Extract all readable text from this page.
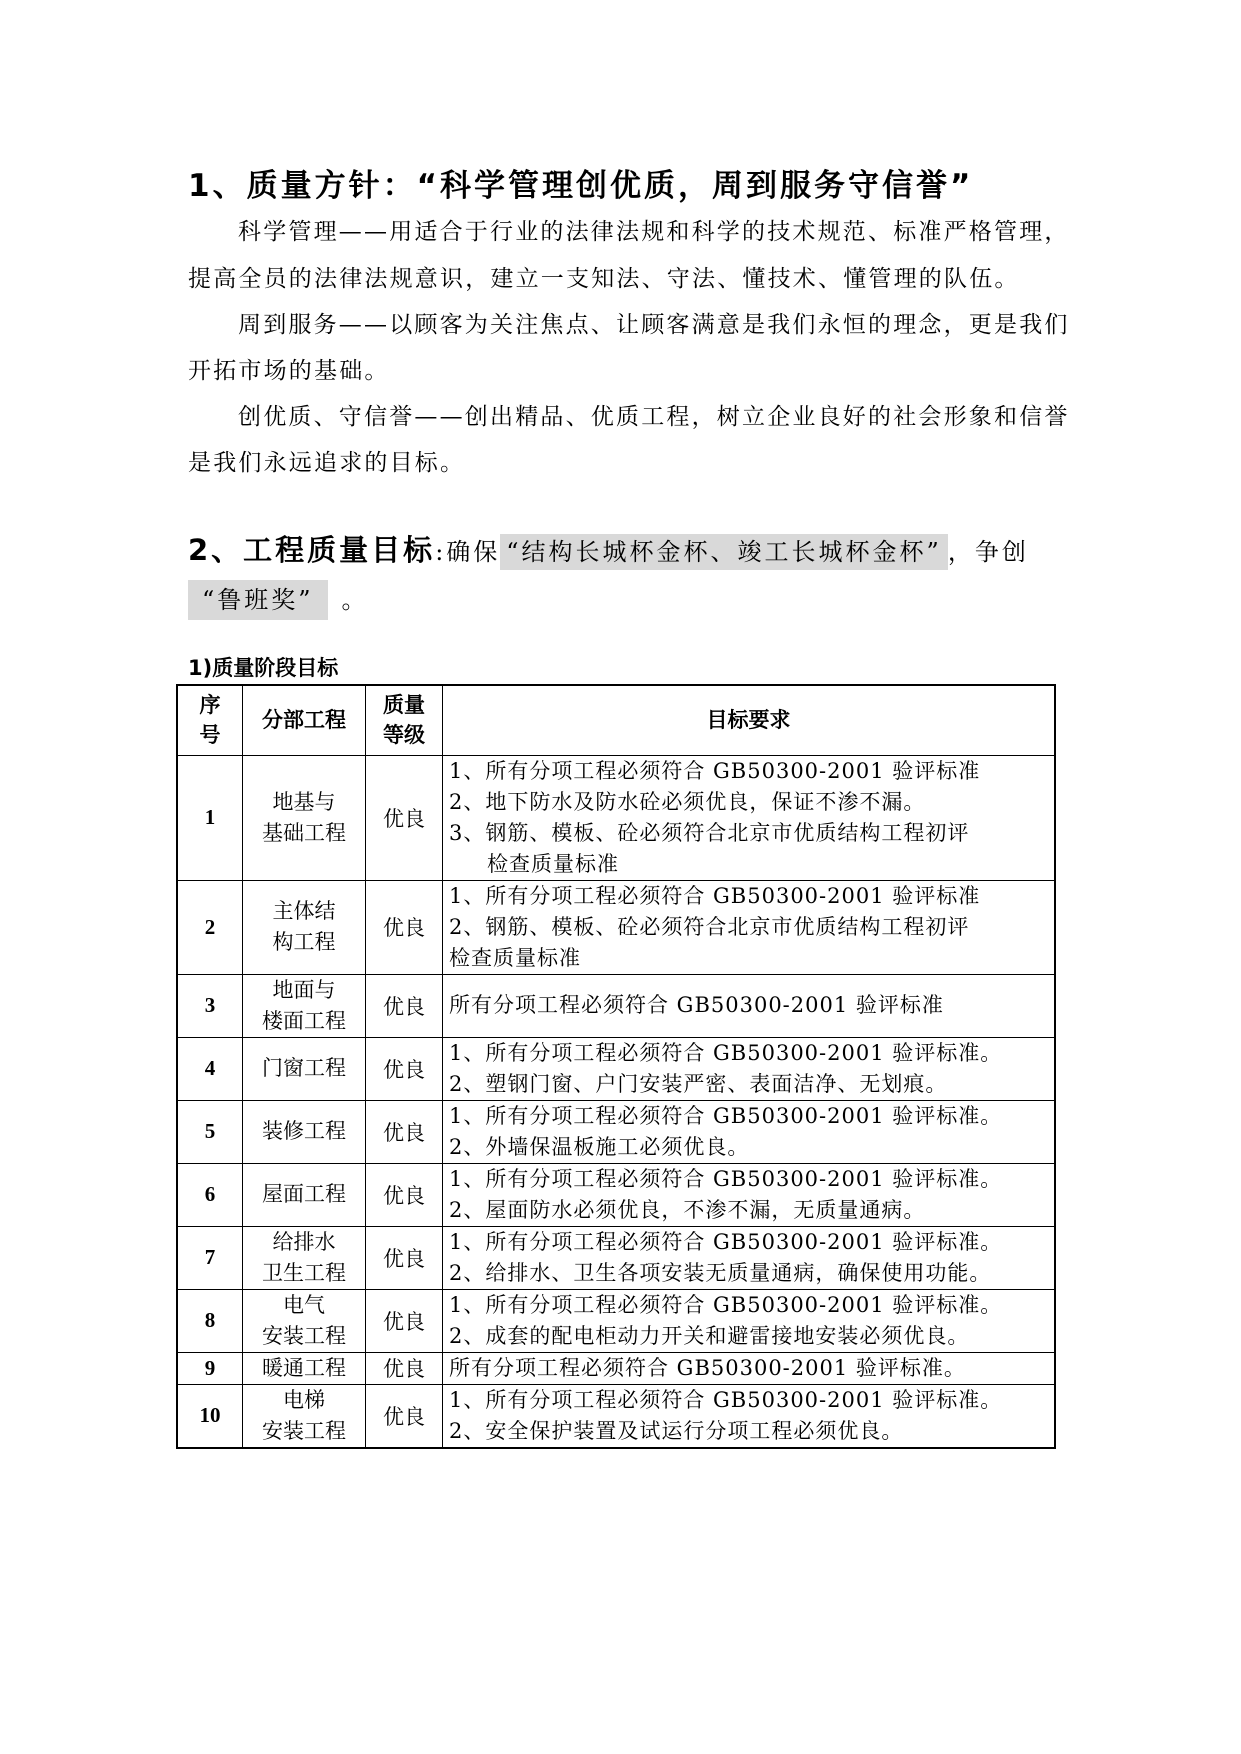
1、质量方针：“科学管理创优质，周到服务守信誉”
科学管理——用适合于行业的法律法规和科学的技术规范、标准严格管理，
提高全员的法律法规意识，建立一支知法、守法、懂技术、懂管理的队伍。
周到服务——以顾客为关注焦点、让顾客满意是我们永恒的理念，更是我们
开拓市场的基础。
创优质、守信誉——创出精品、优质工程，树立企业良好的社会形象和信誉
是我们永远追求的目标。
2、工程质量目标:确保 “结构长城杯金杯、竣工长城杯金杯” ，争创
“鲁班奖” 。
1)质量阶段目标
序号	分部工程	质量等级	目标要求
1	地基与
基础工程	优良	1、所有分项工程必须符合 GB50300-2001 验评标准
2、地下防水及防水砼必须优良，保证不渗不漏。
3、钢筋、模板、砼必须符合北京市优质结构工程初评
检查质量标准

2	主体结
构工程	优良	1、所有分项工程必须符合 GB50300-2001 验评标准
2、钢筋、模板、砼必须符合北京市优质结构工程初评
检查质量标准

3	地面与
楼面工程	优良	所有分项工程必须符合 GB50300-2001 验评标准

4	门窗工程	优良	1、所有分项工程必须符合 GB50300-2001 验评标准。
2、塑钢门窗、户门安装严密、表面洁净、无划痕。

5	装修工程	优良	1、所有分项工程必须符合 GB50300-2001 验评标准。
2、外墙保温板施工必须优良。

6	屋面工程	优良	1、所有分项工程必须符合 GB50300-2001 验评标准。
2、屋面防水必须优良，不渗不漏，无质量通病。

7	给排水
卫生工程	优良	1、所有分项工程必须符合 GB50300-2001 验评标准。
2、给排水、卫生各项安装无质量通病，确保使用功能。

8	电气
安装工程	优良	1、所有分项工程必须符合 GB50300-2001 验评标准。
2、成套的配电柜动力开关和避雷接地安装必须优良。

9	暖通工程	优良	所有分项工程必须符合 GB50300-2001 验评标准。

10	电梯
安装工程	优良	1、所有分项工程必须符合 GB50300-2001 验评标准。
2、安全保护装置及试运行分项工程必须优良。
